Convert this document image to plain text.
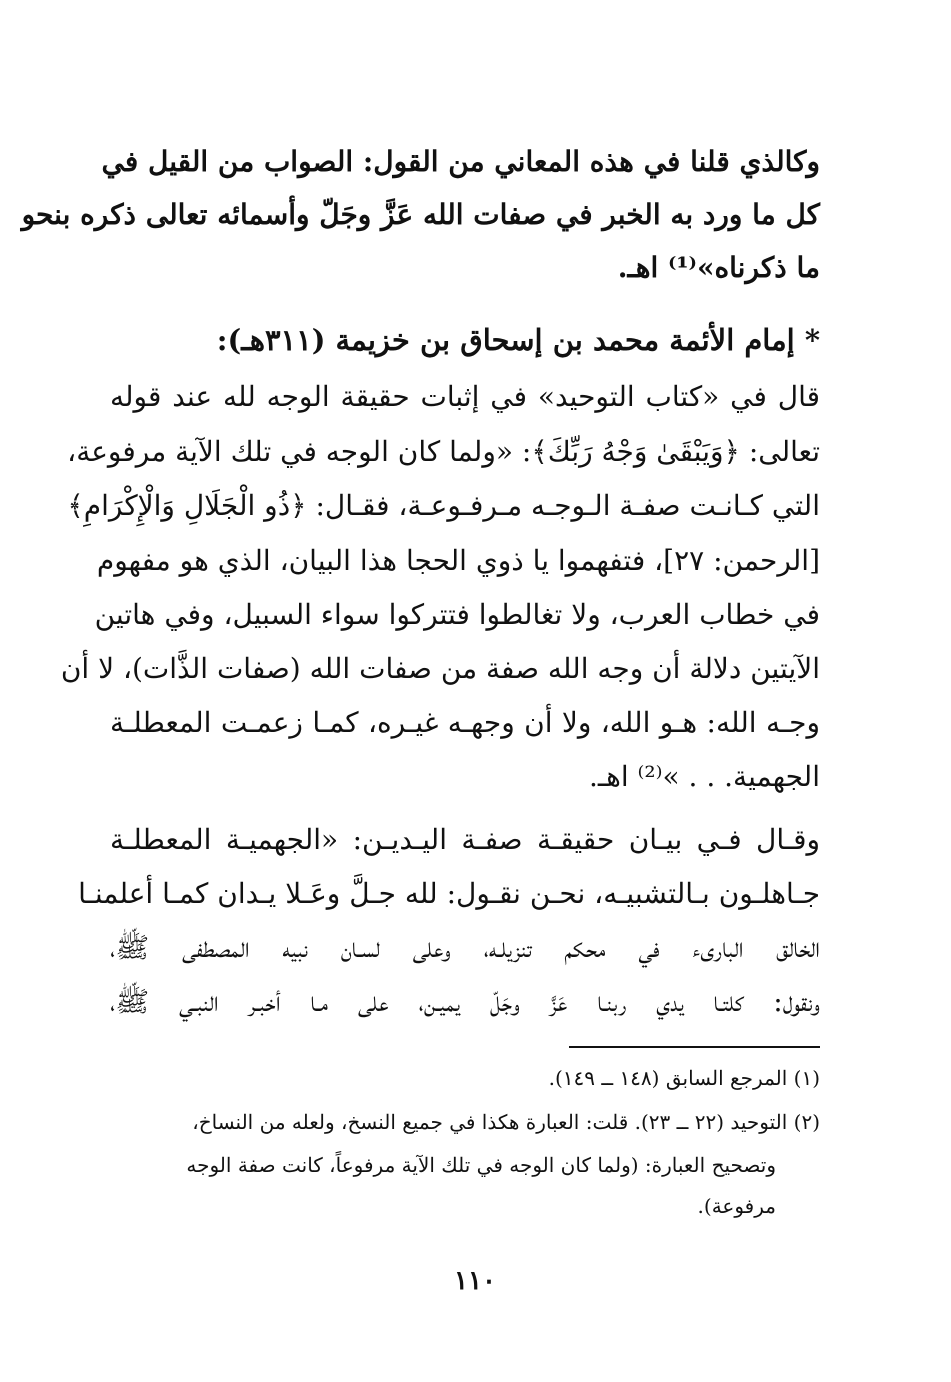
وكالذي قلنا في هذه المعاني من القول: الصواب من القيل في
كل ما ورد به الخبر في صفات الله عَزَّ وجَلّ وأسمائه تعالى ذكره بنحو
ما ذكرناه»⁽¹⁾ اهـ.
* إمام الأئمة محمد بن إسحاق بن خزيمة (٣١١هـ):
قال في «كتاب التوحيد» في إثبات حقيقة الوجه لله عند قوله
تعالى: ﴿وَيَبْقَىٰ وَجْهُ رَبِّكَ﴾: «ولما كان الوجه في تلك الآية مرفوعة،
التي كـانـت صفـة الـوجـه مـرفـوعـة، فقـال: ﴿ذُو الْجَلَالِ وَالْإِكْرَامِ﴾
[الرحمن: ٢٧]، فتفهموا يا ذوي الحجا هذا البيان، الذي هو مفهوم
في خطاب العرب، ولا تغالطوا فتتركوا سواء السبيل، وفي هاتين
الآيتين دلالة أن وجه الله صفة من صفات الله (صفات الذَّات)، لا أن
وجـه الله: هـو الله، ولا أن وجهـه غيـره، كمـا زعمـت المعطلـة
الجهمية. . . »⁽²⁾ اهـ.
وقـال فـي بيـان حقيقـة صفـة اليـديـن: «الجهميـة المعطلـة
جـاهلـون بـالتشبيـه، نحـن نقـول: لله جـلَّ وعَـلا يـدان كمـا أعلمنـا
الخالق البارىء في محكم تنزيلـه، وعلى لسـان نبيه المصطفى ﷺ،
ونقول: كلتـا يدي ربنـا عَزَّ وجَلّ يميـن، على مـا أخبـر النبـي ﷺ،
(١) المرجع السابق (١٤٨ ــ ١٤٩).
(٢) التوحيد (٢٢ ــ ٢٣). قلت: العبارة هكذا في جميع النسخ، ولعله من النساخ،
وتصحيح العبارة: (ولما كان الوجه في تلك الآية مرفوعاً، كانت صفة الوجه
مرفوعة).
١١٠
